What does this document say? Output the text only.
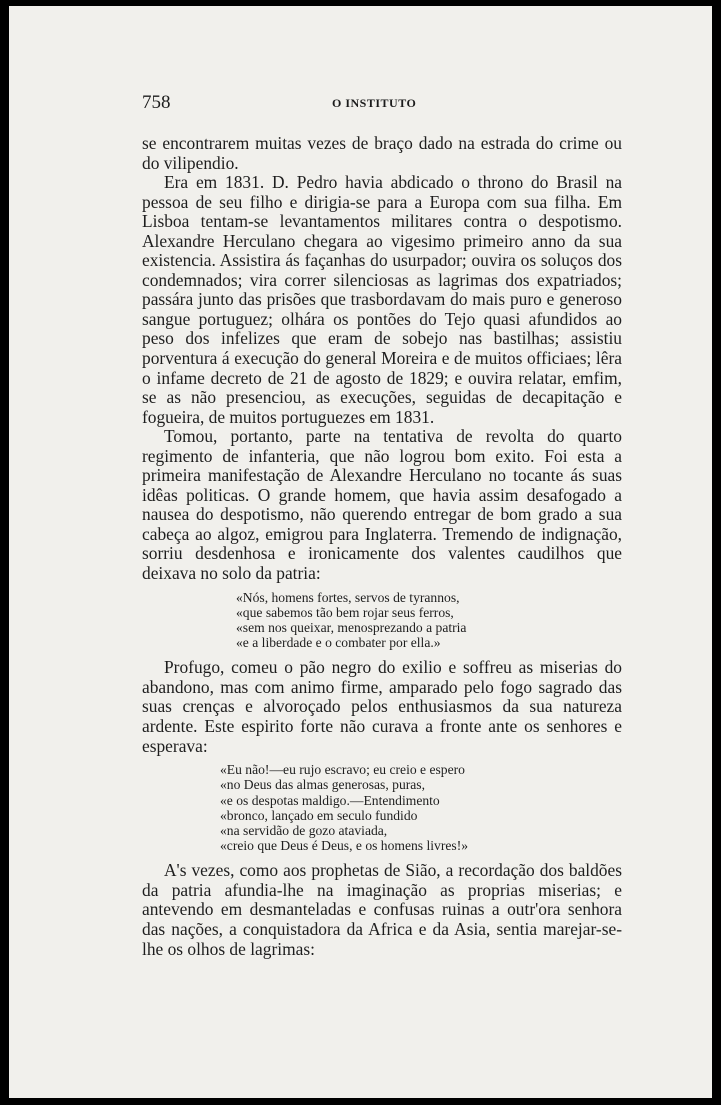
758	O INSTITUTO

se encontrarem muitas vezes de braço dado na estrada do crime ou do vilipendio.

Era em 1831. D. Pedro havia abdicado o throno do Brasil na pessoa de seu filho e dirigia-se para a Europa com sua filha. Em Lisboa tentam-se levantamentos militares contra o despotismo. Alexandre Herculano chegara ao vigesimo primeiro anno da sua existencia. Assistira ás façanhas do usurpador; ouvira os soluços dos condemnados; vira correr silenciosas as lagrimas dos expatriados; passára junto das prisões que trasbordavam do mais puro e generoso sangue portuguez; olhára os pontões do Tejo quasi afundidos ao peso dos infelizes que eram de sobejo nas bastilhas; assistiu porventura á execução do general Moreira e de muitos officiaes; lêra o infame decreto de 21 de agosto de 1829; e ouvira relatar, emfim, se as não presenciou, as execuções, seguidas de decapitação e fogueira, de muitos portuguezes em 1831.

Tomou, portanto, parte na tentativa de revolta do quarto regimento de infanteria, que não logrou bom exito. Foi esta a primeira manifestação de Alexandre Herculano no tocante ás suas idêas politicas. O grande homem, que havia assim desafogado a nausea do despotismo, não querendo entregar de bom grado a sua cabeça ao algoz, emigrou para Inglaterra. Tremendo de indignação, sorriu desdenhosa e ironicamente dos valentes caudilhos que deixava no solo da patria:

«Nós, homens fortes, servos de tyrannos,
«que sabemos tão bem rojar seus ferros,
«sem nos queixar, menosprezando a patria
«e a liberdade e o combater por ella.»

Profugo, comeu o pão negro do exilio e soffreu as miserias do abandono, mas com animo firme, amparado pelo fogo sagrado das suas crenças e alvoroçado pelos enthusiasmos da sua natureza ardente. Este espirito forte não curava a fronte ante os senhores e esperava:

«Eu não!—eu rujo escravo; eu creio e espero
«no Deus das almas generosas, puras,
«e os despotas maldigo.—Entendimento
«bronco, lançado em seculo fundido
«na servidão de gozo ataviada,
«creio que Deus é Deus, e os homens livres!»

A's vezes, como aos prophetas de Sião, a recordação dos baldões da patria afundia-lhe na imaginação as proprias miserias; e antevendo em desmanteladas e confusas ruinas a outr'ora senhora das nações, a conquistadora da Africa e da Asia, sentia marejar-se-lhe os olhos de lagrimas:
